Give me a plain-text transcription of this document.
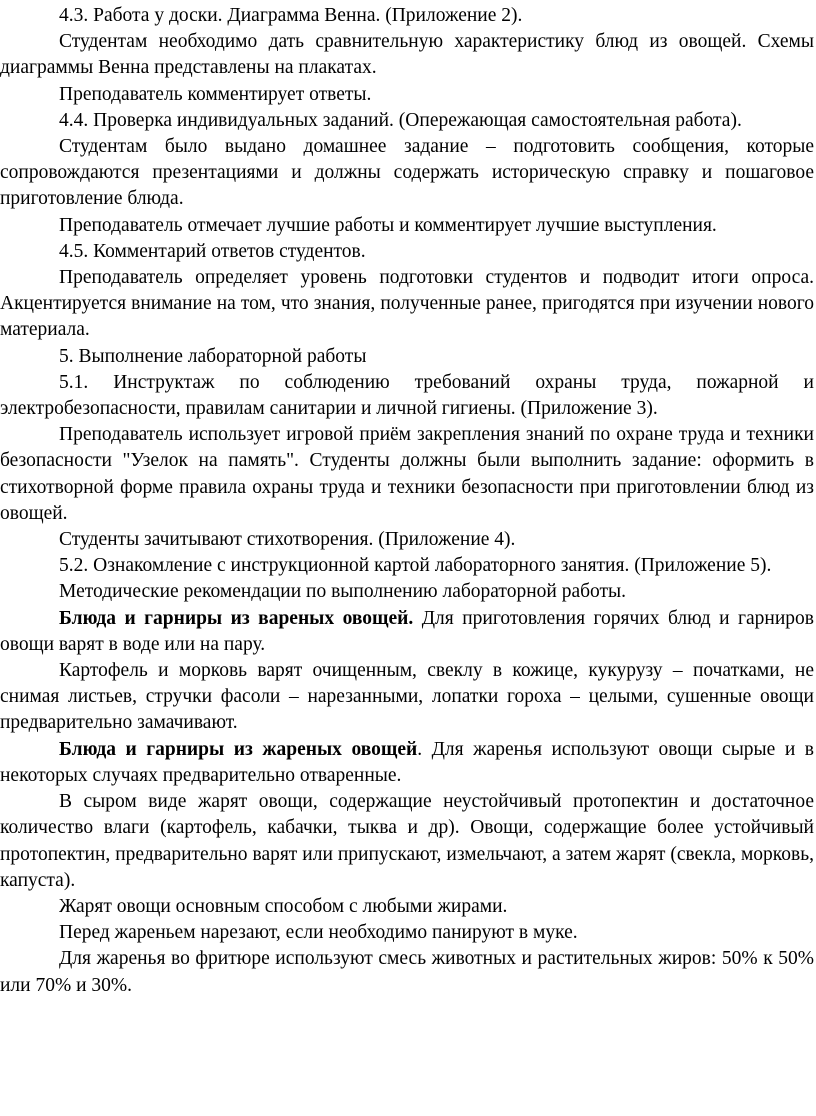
4.3. Работа у доски. Диаграмма Венна. (Приложение 2).

Студентам необходимо дать сравнительную характеристику блюд из овощей. Схемы диаграммы Венна представлены на плакатах.

Преподаватель комментирует ответы.

4.4. Проверка индивидуальных заданий. (Опережающая самостоятельная работа).

Студентам было выдано домашнее задание – подготовить сообщения, которые сопровождаются презентациями и должны содержать историческую справку и пошаговое приготовление блюда.

Преподаватель отмечает лучшие работы и комментирует лучшие выступления.

4.5. Комментарий ответов студентов.

Преподаватель определяет уровень подготовки студентов и подводит итоги опроса. Акцентируется внимание на том, что знания, полученные ранее, пригодятся при изучении нового материала.

5. Выполнение лабораторной работы

5.1. Инструктаж по соблюдению требований охраны труда, пожарной и электробезопасности, правилам санитарии и личной гигиены. (Приложение 3).

Преподаватель использует игровой приём закрепления знаний по охране труда и техники безопасности "Узелок на память". Студенты должны были выполнить задание: оформить в стихотворной форме правила охраны труда и техники безопасности при приготовлении блюд из овощей.

Студенты зачитывают стихотворения. (Приложение 4).

5.2. Ознакомление с инструкционной картой лабораторного занятия. (Приложение 5).

Методические рекомендации по выполнению лабораторной работы.

Блюда и гарниры из вареных овощей. Для приготовления горячих блюд и гарниров овощи варят в воде или на пару.

Картофель и морковь варят очищенным, свеклу в кожице, кукурузу – початками, не снимая листьев, стручки фасоли – нарезанными, лопатки гороха – целыми, сушенные овощи предварительно замачивают.

Блюда и гарниры из жареных овощей. Для жаренья используют овощи сырые и в некоторых случаях предварительно отваренные.

В сыром виде жарят овощи, содержащие неустойчивый протопектин и достаточное количество влаги (картофель, кабачки, тыква и др). Овощи, содержащие более устойчивый протопектин, предварительно варят или припускают, измельчают, а затем жарят (свекла, морковь, капуста).

Жарят овощи основным способом с любыми жирами.

Перед жареньем нарезают, если необходимо панируют в муке.

Для жаренья во фритюре используют смесь животных и растительных жиров: 50% к 50% или 70% и 30%.
